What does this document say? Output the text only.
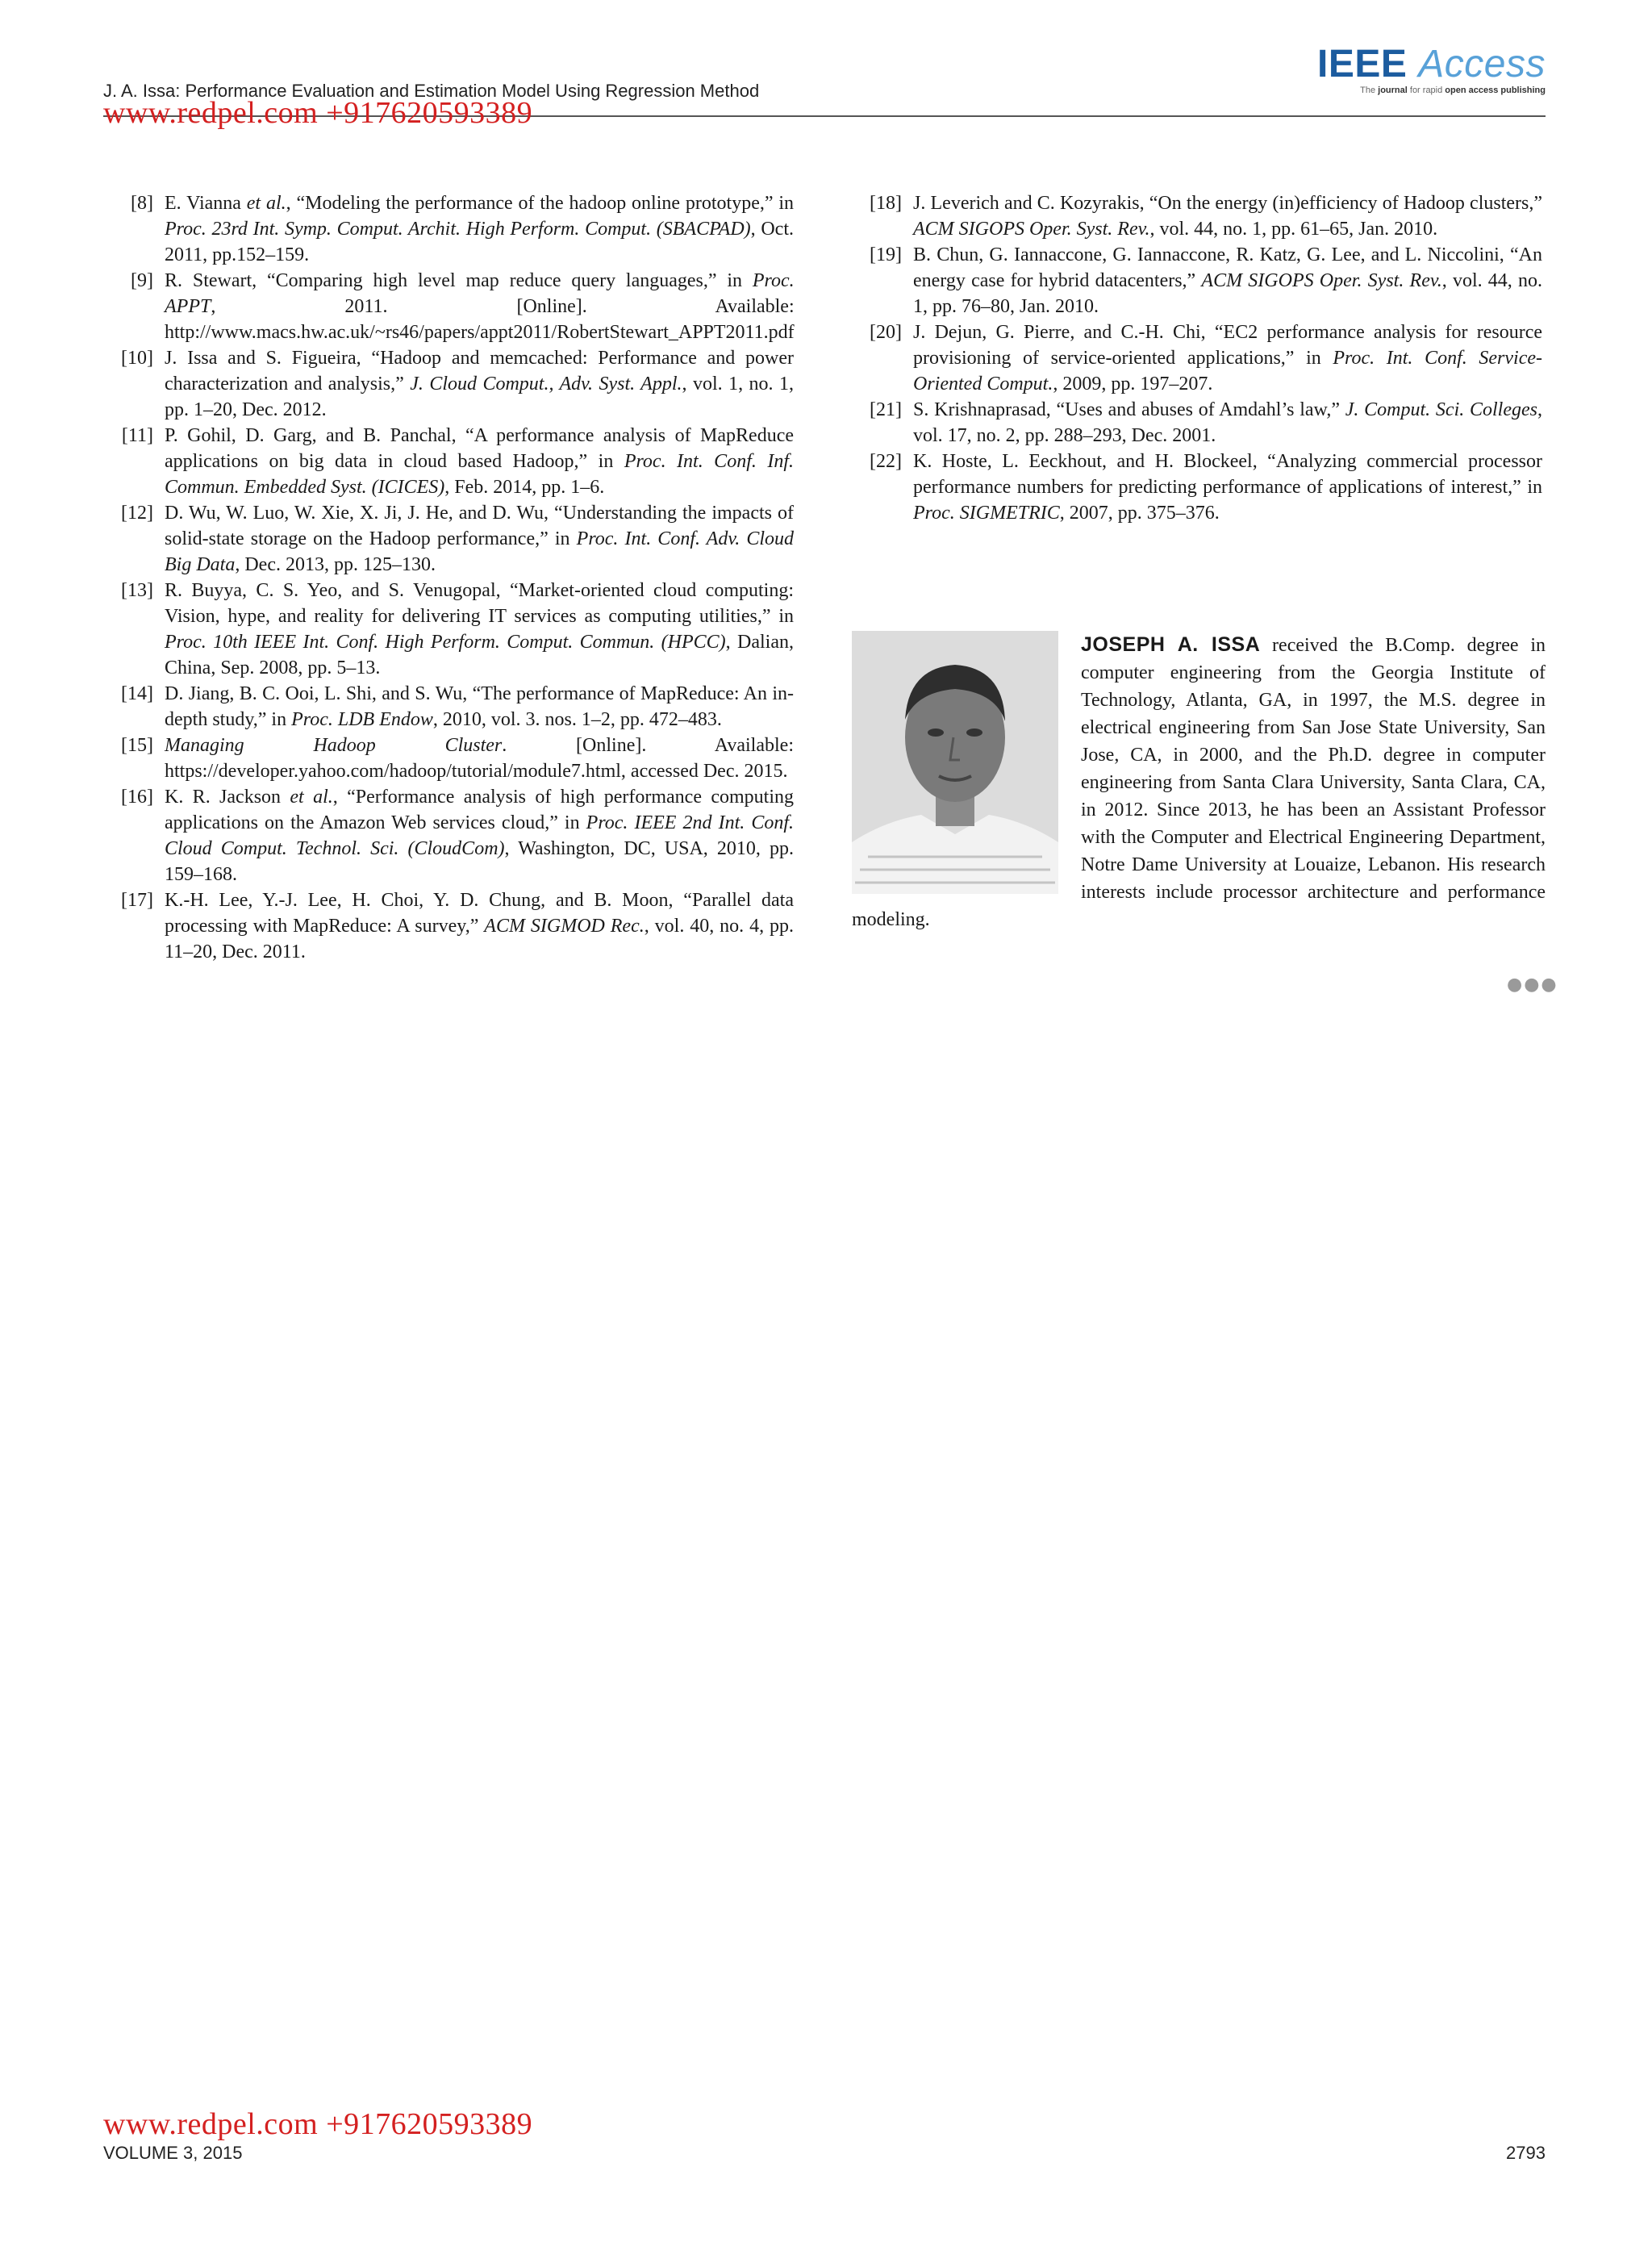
J. A. Issa: Performance Evaluation and Estimation Model Using Regression Method
IEEE Access
The journal for rapid open access publishing
www.redpel.com +917620593389
[8] E. Vianna et al., “Modeling the performance of the hadoop online prototype,” in Proc. 23rd Int. Symp. Comput. Archit. High Perform. Comput. (SBACPAD), Oct. 2011, pp.152–159.
[9] R. Stewart, “Comparing high level map reduce query languages,” in Proc. APPT, 2011. [Online]. Available: http://www.macs.hw.ac.uk/~rs46/papers/appt2011/RobertStewart_APPT2011.pdf
[10] J. Issa and S. Figueira, “Hadoop and memcached: Performance and power characterization and analysis,” J. Cloud Comput., Adv. Syst. Appl., vol. 1, no. 1, pp. 1–20, Dec. 2012.
[11] P. Gohil, D. Garg, and B. Panchal, “A performance analysis of MapReduce applications on big data in cloud based Hadoop,” in Proc. Int. Conf. Inf. Commun. Embedded Syst. (ICICES), Feb. 2014, pp. 1–6.
[12] D. Wu, W. Luo, W. Xie, X. Ji, J. He, and D. Wu, “Understanding the impacts of solid-state storage on the Hadoop performance,” in Proc. Int. Conf. Adv. Cloud Big Data, Dec. 2013, pp. 125–130.
[13] R. Buyya, C. S. Yeo, and S. Venugopal, “Market-oriented cloud computing: Vision, hype, and reality for delivering IT services as computing utilities,” in Proc. 10th IEEE Int. Conf. High Perform. Comput. Commun. (HPCC), Dalian, China, Sep. 2008, pp. 5–13.
[14] D. Jiang, B. C. Ooi, L. Shi, and S. Wu, “The performance of MapReduce: An in-depth study,” in Proc. LDB Endow, 2010, vol. 3. nos. 1–2, pp. 472–483.
[15] Managing Hadoop Cluster. [Online]. Available: https://developer.yahoo.com/hadoop/tutorial/module7.html, accessed Dec. 2015.
[16] K. R. Jackson et al., “Performance analysis of high performance computing applications on the Amazon Web services cloud,” in Proc. IEEE 2nd Int. Conf. Cloud Comput. Technol. Sci. (CloudCom), Washington, DC, USA, 2010, pp. 159–168.
[17] K.-H. Lee, Y.-J. Lee, H. Choi, Y. D. Chung, and B. Moon, “Parallel data processing with MapReduce: A survey,” ACM SIGMOD Rec., vol. 40, no. 4, pp. 11–20, Dec. 2011.
[18] J. Leverich and C. Kozyrakis, “On the energy (in)efficiency of Hadoop clusters,” ACM SIGOPS Oper. Syst. Rev., vol. 44, no. 1, pp. 61–65, Jan. 2010.
[19] B. Chun, G. Iannaccone, G. Iannaccone, R. Katz, G. Lee, and L. Niccolini, “An energy case for hybrid datacenters,” ACM SIGOPS Oper. Syst. Rev., vol. 44, no. 1, pp. 76–80, Jan. 2010.
[20] J. Dejun, G. Pierre, and C.-H. Chi, “EC2 performance analysis for resource provisioning of service-oriented applications,” in Proc. Int. Conf. Service-Oriented Comput., 2009, pp. 197–207.
[21] S. Krishnaprasad, “Uses and abuses of Amdahl’s law,” J. Comput. Sci. Colleges, vol. 17, no. 2, pp. 288–293, Dec. 2001.
[22] K. Hoste, L. Eeckhout, and H. Blockeel, “Analyzing commercial processor performance numbers for predicting performance of applications of interest,” in Proc. SIGMETRIC, 2007, pp. 375–376.
JOSEPH A. ISSA received the B.Comp. degree in computer engineering from the Georgia Institute of Technology, Atlanta, GA, in 1997, the M.S. degree in electrical engineering from San Jose State University, San Jose, CA, in 2000, and the Ph.D. degree in computer engineering from Santa Clara University, Santa Clara, CA, in 2012. Since 2013, he has been an Assistant Professor with the Computer and Electrical Engineering Department, Notre Dame University at Louaize, Lebanon. His research interests include processor architecture and performance modeling.
●●●
www.redpel.com +917620593389
VOLUME 3, 2015	2793
